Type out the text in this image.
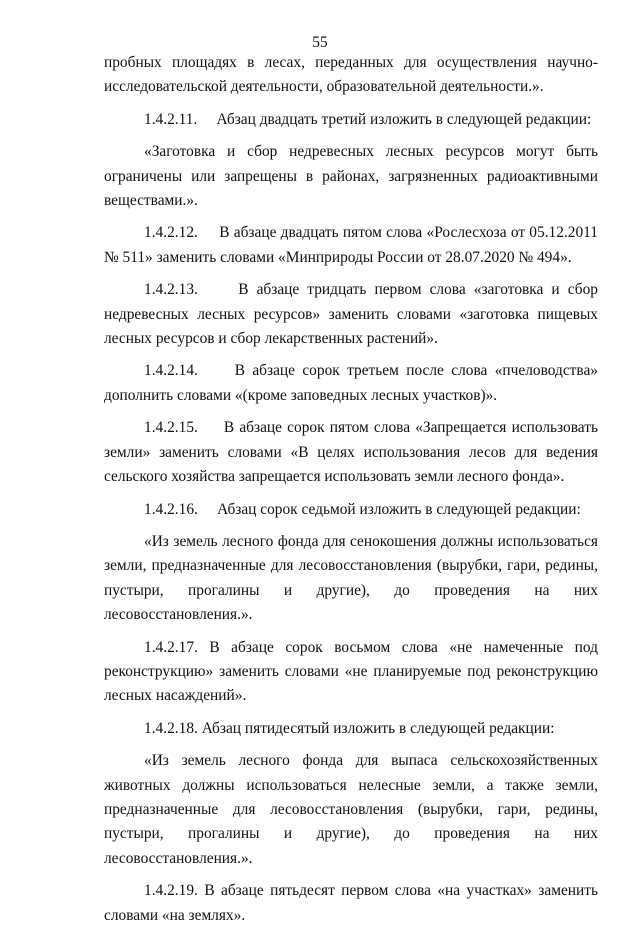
55

пробных площадях в лесах, переданных для осуществления научно-исследовательской деятельности, образовательной деятельности.».

1.4.2.11.     Абзац двадцать третий изложить в следующей редакции:

«Заготовка и сбор недревесных лесных ресурсов могут быть ограничены или запрещены в районах, загрязненных радиоактивными веществами.».

1.4.2.12.     В абзаце двадцать пятом слова «Рослесхоза от 05.12.2011 № 511» заменить словами «Минприроды России от 28.07.2020 № 494».

1.4.2.13.     В абзаце тридцать первом слова «заготовка и сбор недревесных лесных ресурсов» заменить словами «заготовка пищевых лесных ресурсов и сбор лекарственных растений».

1.4.2.14.     В абзаце сорок третьем после слова «пчеловодства» дополнить словами «(кроме заповедных лесных участков)».

1.4.2.15.     В абзаце сорок пятом слова «Запрещается использовать земли» заменить словами «В целях использования лесов для ведения сельского хозяйства запрещается использовать земли лесного фонда».

1.4.2.16.     Абзац сорок седьмой изложить в следующей редакции:

«Из земель лесного фонда для сенокошения должны использоваться земли, предназначенные для лесовосстановления (вырубки, гари, редины, пустыри, прогалины и другие), до проведения на них лесовосстановления.».

1.4.2.17. В абзаце сорок восьмом слова «не намеченные под реконструкцию» заменить словами «не планируемые под реконструкцию лесных насаждений».

1.4.2.18. Абзац пятидесятый изложить в следующей редакции:

«Из земель лесного фонда для выпаса сельскохозяйственных животных должны использоваться нелесные земли, а также земли, предназначенные для лесовосстановления (вырубки, гари, редины, пустыри, прогалины и другие), до проведения на них лесовосстановления.».

1.4.2.19. В абзаце пятьдесят первом слова «на участках» заменить словами «на землях».
